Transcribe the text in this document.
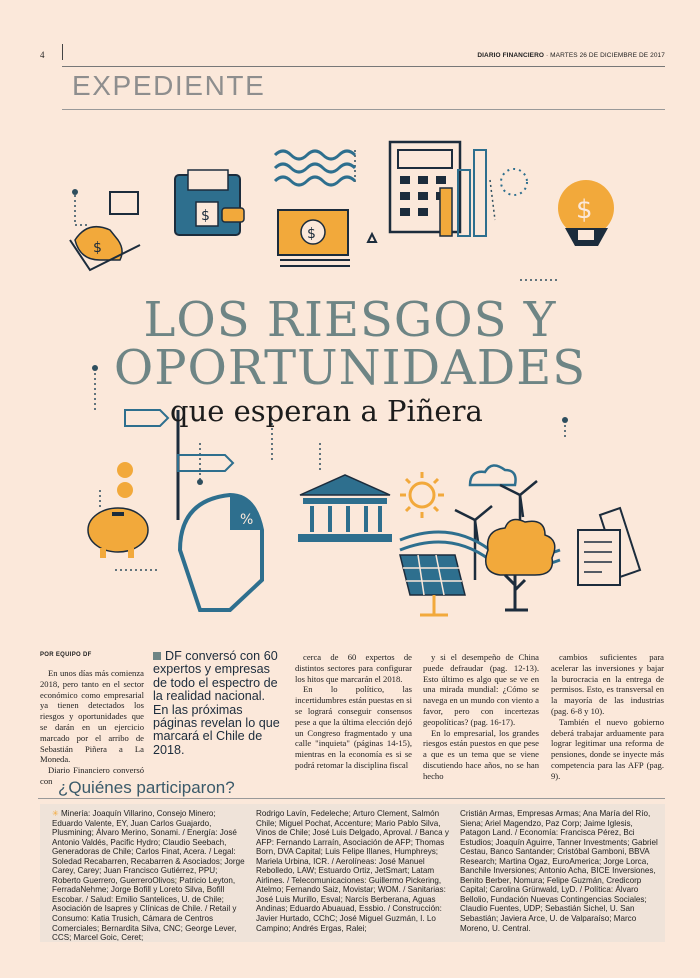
4	DIARIO FINANCIERO · MARTES 26 DE DICIEMBRE DE 2017
EXPEDIENTE
$
$
$
$
%
LOS RIESGOS Y
OPORTUNIDADES
que esperan a Piñera
POR EQUIPO DF

En unos días más comienza 2018, pero tanto en el sector económico como empresarial ya tienen detectados los riesgos y oportunidades que se darán en un ejercicio marcado por el arribo de Sebastián Piñera a La Moneda.

Diario Financiero conversó con

DF conversó con 60 expertos y empresas de todo el espectro de la realidad nacional. En las próximas páginas revelan lo que marcará el Chile de 2018.

cerca de 60 expertos de distintos sectores para configurar los hitos que marcarán el 2018.

En lo político, las incertidumbres están puestas en si se logrará conseguir consensos pese a que la última elección dejó un Congreso fragmentado y una calle "inquieta" (páginas 14-15), mientras en la economía es si se podrá retomar la disciplina fiscal

y si el desempeño de China puede defraudar (pag. 12-13). Esto último es algo que se ve en una mirada mundial: ¿Cómo se navega en un mundo con viento a favor, pero con incertezas geopolíticas? (pag. 16-17).

En lo empresarial, los grandes riesgos están puestos en que pese a que es un tema que se viene discutiendo hace años, no se han hecho

cambios suficientes para acelerar las inversiones y bajar la burocracia en la entrega de permisos. Esto, es transversal en la mayoría de las industrias (pag. 6-8 y 10).

También el nuevo gobierno deberá trabajar arduamente para lograr legitimar una reforma de pensiones, donde se inyecte más competencia para las AFP (pag. 9).

¿Quiénes participaron?
✳ Minería: Joaquín Villarino, Consejo Minero; Eduardo Valente, EY, Juan Carlos Guajardo, Plusmining; Álvaro Merino, Sonami. / Energía: José Antonio Valdés, Pacific Hydro; Claudio Seebach, Generadoras de Chile; Carlos Finat, Acera. / Legal: Soledad Recabarren, Recabarren & Asociados; Jorge Carey, Carey; Juan Francisco Gutiérrez, PPU; Roberto Guerrero, GuerreroOlivos; Patricio Leyton, FerradaNehme; Jorge Bofill y Loreto Silva, Bofill Escobar. / Salud: Emilio Santelices, U. de Chile; Asociación de Isapres y Clínicas de Chile. / Retail y Consumo: Katia Trusich, Cámara de Centros Comerciales; Bernardita Silva, CNC; George Lever, CCS; Marcel Goic, Ceret;
Rodrigo Lavín, Fedeleche; Arturo Clement, Salmón Chile; Miguel Pochat, Accenture; Mario Pablo Silva, Vinos de Chile; José Luis Delgado, Aproval. / Banca y AFP: Fernando Larraín, Asociación de AFP; Thomas Born, DVA Capital; Luis Felipe Illanes, Humphreys; Mariela Urbina, ICR. / Aerolíneas: José Manuel Rebolledo, LAW; Estuardo Ortiz, JetSmart; Latam Airlines. / Telecomunicaciones: Guillermo Pickering, Atelmo; Fernando Saiz, Movistar; WOM. / Sanitarias: José Luis Murillo, Esval; Narcís Berberana, Aguas Andinas; Eduardo Abuauad, Essbio. / Construcción: Javier Hurtado, CChC; José Miguel Guzmán, I. Lo Campino; Andrés Ergas, Ralei;
Cristián Armas, Empresas Armas; Ana María del Río, Siena; Ariel Magendzo, Paz Corp; Jaime Iglesis, Patagon Land. / Economía: Francisca Pérez, Bci Estudios; Joaquín Aguirre, Tanner Investments; Gabriel Cestau, Banco Santander; Cristóbal Gamboni, BBVA Research; Martina Ogaz, EuroAmerica; Jorge Lorca, Banchile Inversiones; Antonio Acha, BICE Inversiones, Benito Berber, Nomura; Felipe Guzmán, Credicorp Capital; Carolina Grünwald, LyD. / Política: Álvaro Bellolio, Fundación Nuevas Contingencias Sociales; Claudio Fuentes, UDP; Sebastián Sichel, U. San Sebastián; Javiera Arce, U. de Valparaíso; Marco Moreno, U. Central.
